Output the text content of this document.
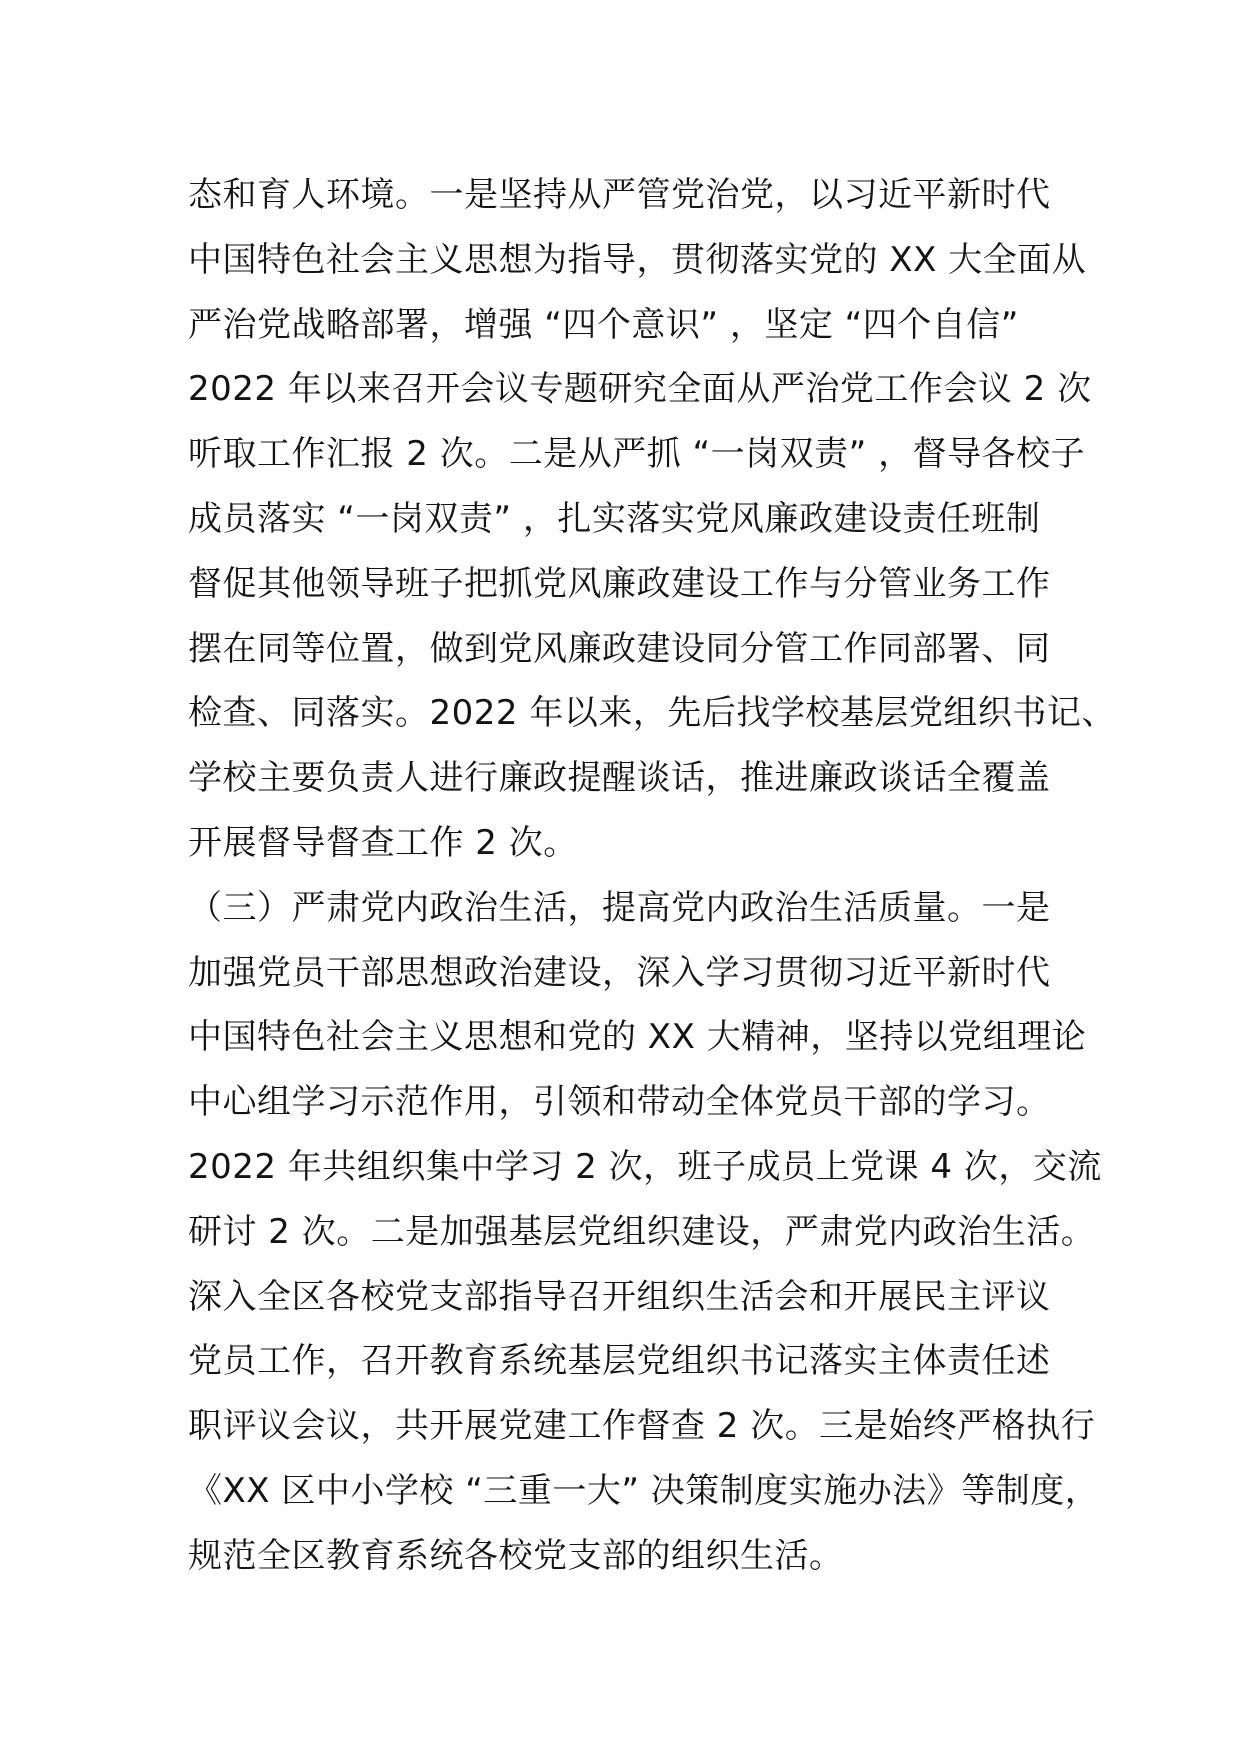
态和育人环境。一是坚持从严管党治党，以习近平新时代
中国特色社会主义思想为指导，贯彻落实党的 XX 大全面从
严治党战略部署，增强 “四个意识” ，坚定 “四个自信”
2022 年以来召开会议专题研究全面从严治党工作会议 2 次
听取工作汇报 2 次。二是从严抓 “一岗双责” ，督导各校子
成员落实 “一岗双责” ，扎实落实党风廉政建设责任班制
督促其他领导班子把抓党风廉政建设工作与分管业务工作
摆在同等位置，做到党风廉政建设同分管工作同部署、同
检查、同落实。2022 年以来，先后找学校基层党组织书记、
学校主要负责人进行廉政提醒谈话，推进廉政谈话全覆盖
开展督导督查工作 2 次。
（三）严肃党内政治生活，提高党内政治生活质量。一是
加强党员干部思想政治建设，深入学习贯彻习近平新时代
中国特色社会主义思想和党的 XX 大精神，坚持以党组理论
中心组学习示范作用，引领和带动全体党员干部的学习。
2022 年共组织集中学习 2 次，班子成员上党课 4 次，交流
研讨 2 次。二是加强基层党组织建设，严肃党内政治生活。
深入全区各校党支部指导召开组织生活会和开展民主评议
党员工作，召开教育系统基层党组织书记落实主体责任述
职评议会议，共开展党建工作督查 2 次。三是始终严格执行
《XX 区中小学校 “三重一大” 决策制度实施办法》等制度，
规范全区教育系统各校党支部的组织生活。
